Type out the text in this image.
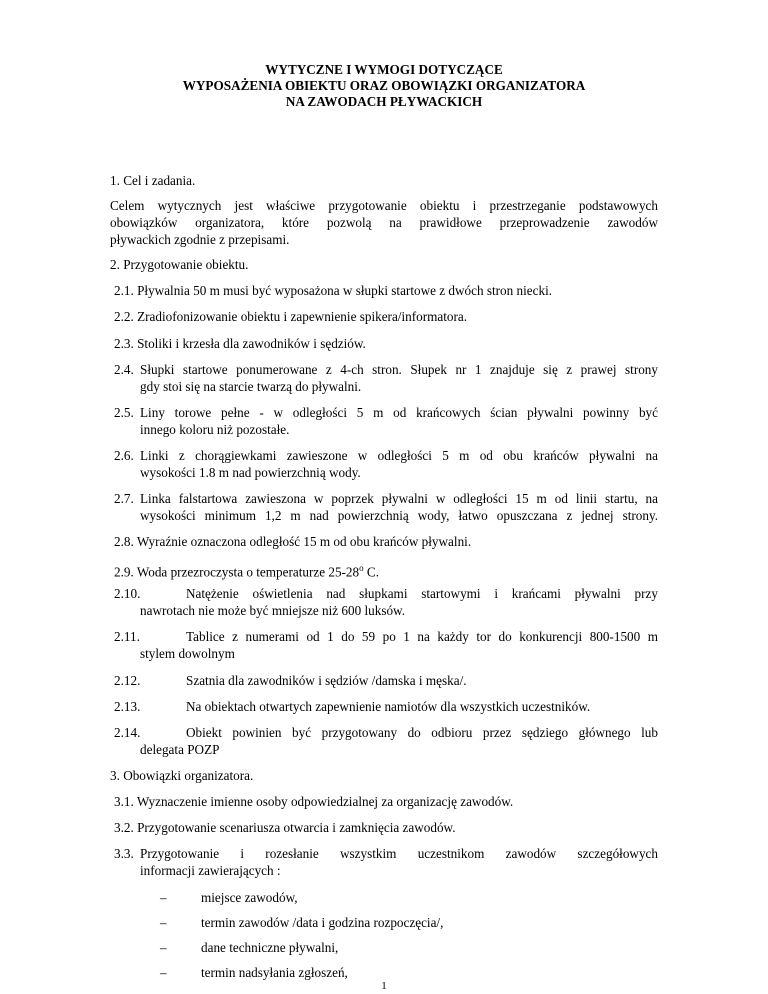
WYTYCZNE I WYMOGI DOTYCZĄCE
WYPOSAŻENIA OBIEKTU ORAZ OBOWIĄZKI ORGANIZATORA
NA ZAWODACH PŁYWACKICH
1. Cel i zadania.
Celem wytycznych jest właściwe przygotowanie obiektu i przestrzeganie podstawowych
obowiązków organizatora, które pozwolą na prawidłowe przeprowadzenie zawodów
pływackich zgodnie z przepisami.
2. Przygotowanie obiektu.
2.1. Pływalnia 50 m musi być wyposażona w słupki startowe z dwóch stron niecki.
2.2. Zradiofonizowanie obiektu i zapewnienie spikera/informatora.
2.3. Stoliki i krzesła dla zawodników i sędziów.
2.4. Słupki startowe ponumerowane z 4-ch stron. Słupek nr 1 znajduje się z prawej strony
gdy stoi się na starcie twarzą do pływalni.
2.5. Liny torowe pełne - w odległości 5 m od krańcowych ścian pływalni powinny być
innego koloru niż pozostałe.
2.6. Linki z chorągiewkami zawieszone w odległości 5 m od obu krańców pływalni na
wysokości 1.8 m nad powierzchnią wody.
2.7. Linka falstartowa zawieszona w poprzek pływalni w odległości 15 m od linii startu, na
wysokości minimum 1,2 m nad powierzchnią wody, łatwo opuszczana z jednej strony.
2.8. Wyraźnie oznaczona odległość 15 m od obu krańców pływalni.
2.9. Woda przezroczysta o temperaturze 25-28$^o$ C.
2.10.	Natężenie oświetlenia nad słupkami startowymi i krańcami pływalni przy
nawrotach nie może być mniejsze niż 600 luksów.
2.11.	Tablice z numerami od 1 do 59 po 1 na każdy tor do konkurencji 800-1500 m
stylem dowolnym
2.12.	Szatnia dla zawodników i sędziów /damska i męska/.
2.13.	Na obiektach otwartych zapewnienie namiotów dla wszystkich uczestników.
2.14.	Obiekt powinien być przygotowany do odbioru przez sędziego głównego lub
delegata POZP
3. Obowiązki organizatora.
3.1. Wyznaczenie imienne osoby odpowiedzialnej za organizację zawodów.
3.2. Przygotowanie scenariusza otwarcia i zamknięcia zawodów.
3.3. Przygotowanie i rozesłanie wszystkim uczestnikom zawodów szczegółowych
informacji zawierających :
–	miejsce zawodów,
–	termin zawodów /data i godzina rozpoczęcia/,
–	dane techniczne pływalni,
–	termin nadsyłania zgłoszeń,
1
